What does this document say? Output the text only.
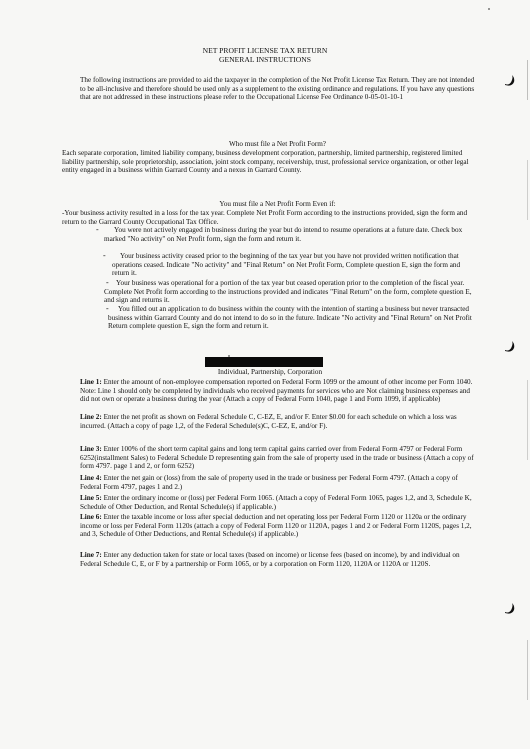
NET PROFIT LICENSE TAX RETURN
GENERAL INSTRUCTIONS
The following instructions are provided to aid the taxpayer in the completion of the Net Profit License Tax Return. They are not intended to be all-inclusive and therefore should be used only as a supplement to the existing ordinance and regulations. If you have any questions that are not addressed in these instructions please refer to the Occupational License Fee Ordinance 0-05-01-10-1
Who must file a Net Profit Form?
Each separate corporation, limited liability company, business development corporation, partnership, limited partnership, registered limited liability partnership, sole proprietorship, association, joint stock company, receivership, trust, professional service organization, or other legal entity engaged in a business within Garrard County and a nexus in Garrard County.
You must file a Net Profit Form Even if:
-Your business activity resulted in a loss for the tax year. Complete Net Profit Form according to the instructions provided, sign the form and return to the Garrard County Occupational Tax Office.
-	You were not actively engaged in business during the year but do intend to resume operations at a future date. Check box marked "No activity" on Net Profit form, sign the form and return it.
-	Your business activity ceased prior to the beginning of the tax year but you have not provided written notification that operations ceased. Indicate "No activity" and "Final Return" on Net Profit Form, Complete question E, sign the form and return it.
-	Your business was operational for a portion of the tax year but ceased operation prior to the completion of the fiscal year. Complete Net Profit form according to the instructions provided and indicates "Final Return" on the form, complete question E, and sign and returns it.
-	You filled out an application to do business within the county with the intention of starting a business but never transacted business within Garrard County and do not intend to do so in the future. Indicate "No activity and "Final Return" on Net Profit Return complete question E, sign the form and return it.
Individual, Partnership, Corporation
Line 1: Enter the amount of non-employee compensation reported on Federal Form 1099 or the amount of other income per Form 1040. Note: Line 1 should only be completed by individuals who received payments for services who are Not claiming business expenses and did not own or operate a business during the year (Attach a copy of Federal Form 1040, page 1 and Form 1099, if applicable)
Line 2: Enter the net profit as shown on Federal Schedule C, C-EZ, E, and/or F. Enter $0.00 for each schedule on which a loss was incurred. (Attach a copy of page 1,2, of the Federal Schedule(s)C, C-EZ, E, and/or F).
Line 3: Enter 100% of the short term capital gains and long term capital gains carried over from Federal Form 4797 or Federal Form 6252(installment Sales) to Federal Schedule D representing gain from the sale of property used in the trade or business (Attach a copy of form 4797. page 1 and 2, or form 6252)
Line 4: Enter the net gain or (loss) from the sale of property used in the trade or business per Federal Form 4797. (Attach a copy of Federal Form 4797, pages 1 and 2.)
Line 5: Enter the ordinary income or (loss) per Federal Form 1065. (Attach a copy of Federal Form 1065, pages 1,2, and 3, Schedule K, Schedule of Other Deduction, and Rental Schedule(s) if applicable.)
Line 6: Enter the taxable income or loss after special deduction and net operating loss per Federal Form 1120 or 1120a or the ordinary income or loss per Federal Form 1120s (attach a copy of Federal Form 1120 or 1120A, pages 1 and 2 or Federal Form 1120S, pages 1,2, and 3, Schedule of Other Deductions, and Rental Schedule(s) if applicable.)
Line 7: Enter any deduction taken for state or local taxes (based on income) or license fees (based on income), by and individual on Federal Schedule C, E, or F by a partnership or Form 1065, or by a corporation on Form 1120, 1120A or 1120A or 1120S.
